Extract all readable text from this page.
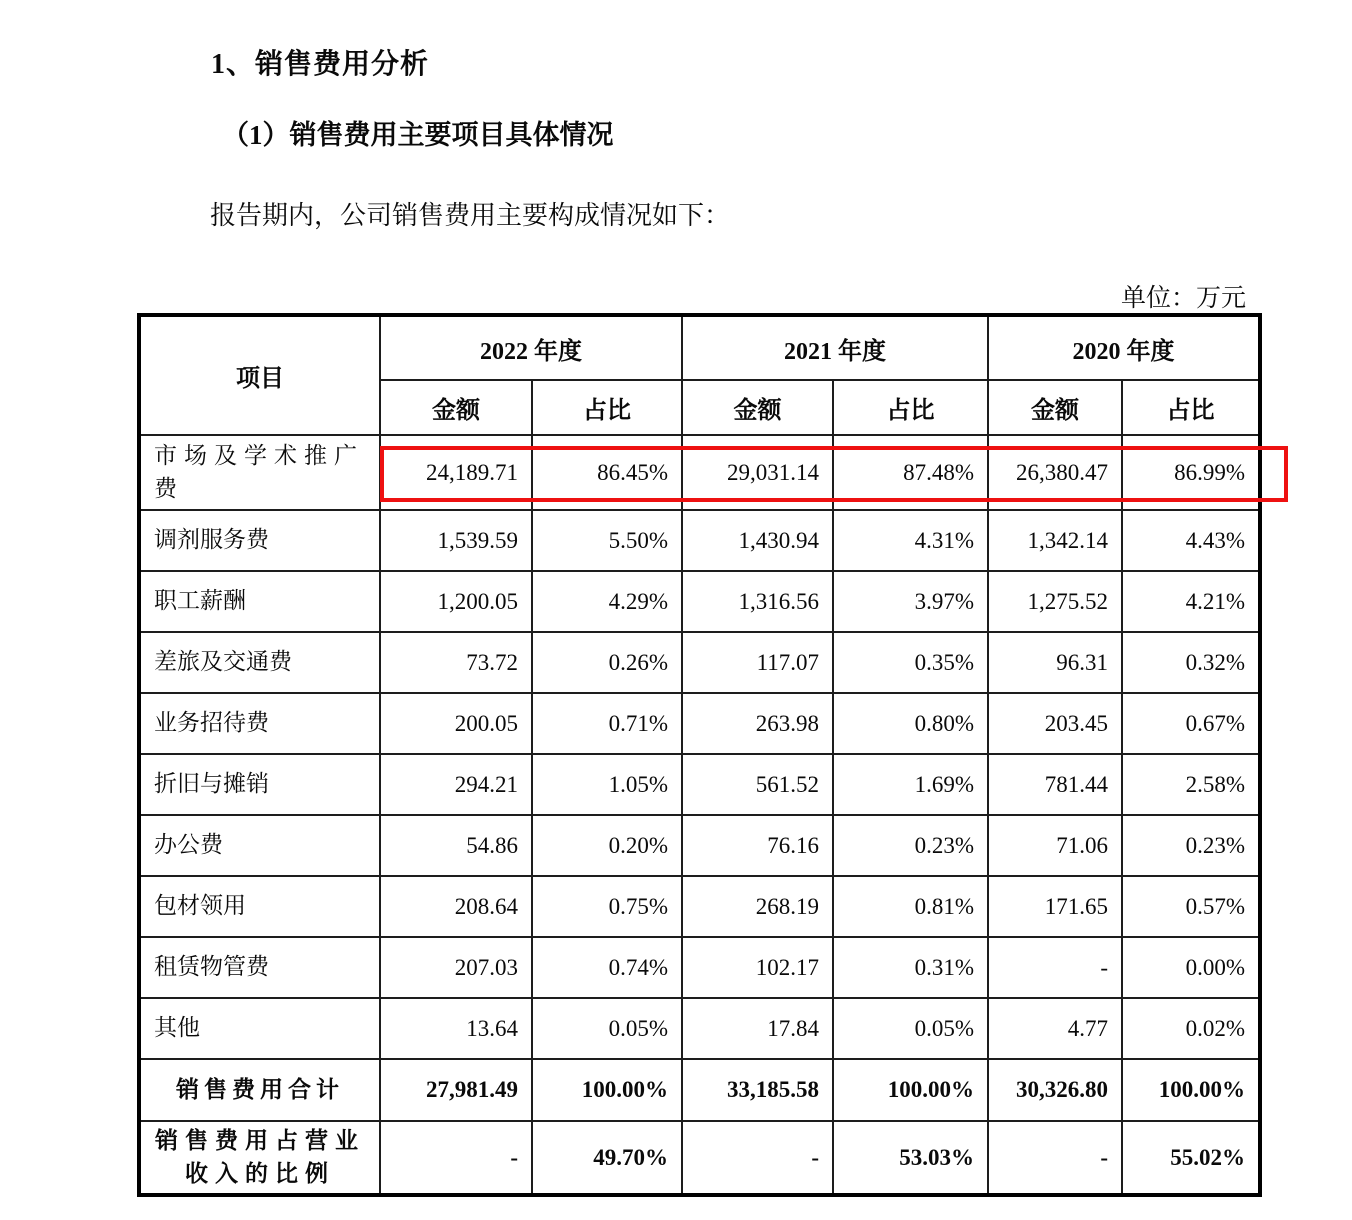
1、销售费用分析
（1）销售费用主要项目具体情况
报告期内，公司销售费用主要构成情况如下：
单位：万元
项目	2022 年度		2021 年度		2020 年度	
	金额	占比	金额	占比	金额	占比
市场及学术推广费	24,189.71	86.45%	29,031.14	87.48%	26,380.47	86.99%
调剂服务费	1,539.59	5.50%	1,430.94	4.31%	1,342.14	4.43%
职工薪酬	1,200.05	4.29%	1,316.56	3.97%	1,275.52	4.21%
差旅及交通费	73.72	0.26%	117.07	0.35%	96.31	0.32%
业务招待费	200.05	0.71%	263.98	0.80%	203.45	0.67%
折旧与摊销	294.21	1.05%	561.52	1.69%	781.44	2.58%
办公费	54.86	0.20%	76.16	0.23%	71.06	0.23%
包材领用	208.64	0.75%	268.19	0.81%	171.65	0.57%
租赁物管费	207.03	0.74%	102.17	0.31%	-	0.00%
其他	13.64	0.05%	17.84	0.05%	4.77	0.02%
销售费用合计	27,981.49	100.00%	33,185.58	100.00%	30,326.80	100.00%
销售费用占营业收入的比例	-	49.70%	-	53.03%	-	55.02%
